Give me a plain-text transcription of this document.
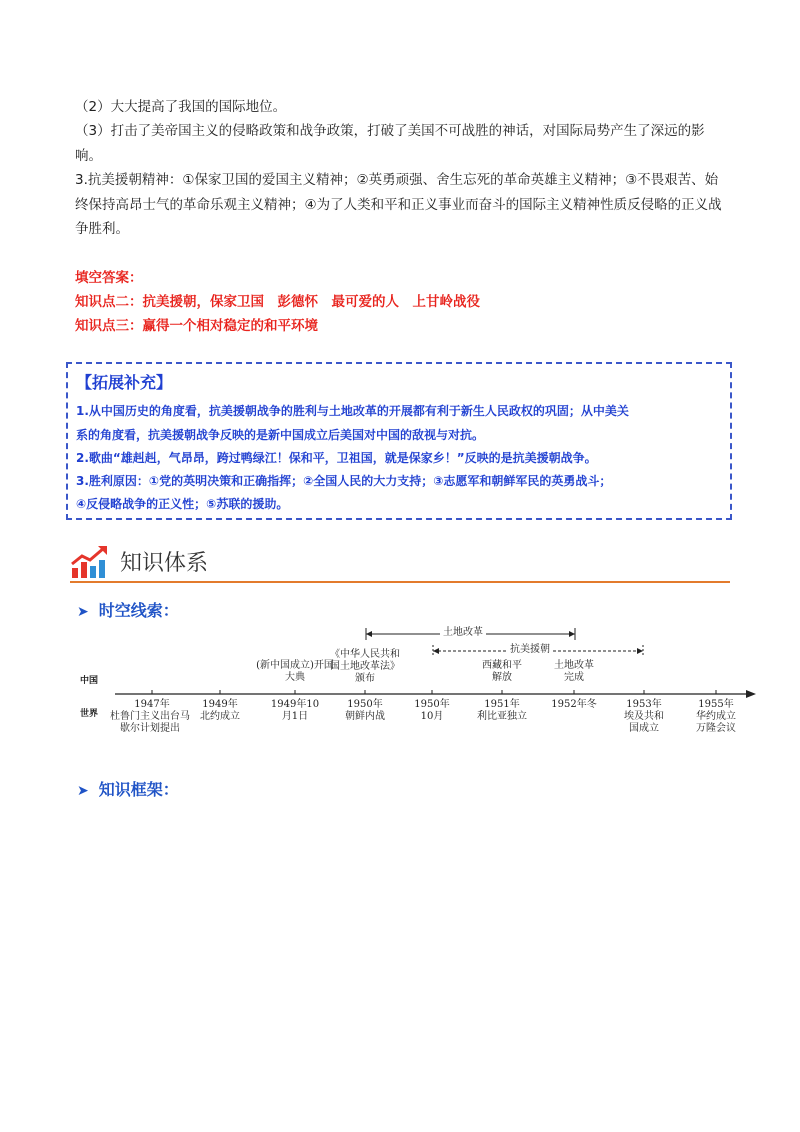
（2）大大提高了我国的国际地位。

（3）打击了美帝国主义的侵略政策和战争政策，打破了美国不可战胜的神话，对国际局势产生了深远的影响。

3.抗美援朝精神：①保家卫国的爱国主义精神；②英勇顽强、舍生忘死的革命英雄主义精神；③不畏艰苦、始终保持高昂士气的革命乐观主义精神；④为了人类和平和正义事业而奋斗的国际主义精神性质反侵略的正义战争胜利。

填空答案：
知识点二：抗美援朝，保家卫国　彭德怀　最可爱的人　上甘岭战役
知识点三：赢得一个相对稳定的和平环境
【拓展补充】
1.从中国历史的角度看，抗美援朝战争的胜利与土地改革的开展都有利于新生人民政权的巩固；从中美关
系的角度看，抗美援朝战争反映的是新中国成立后美国对中国的敌视与对抗。
2.歌曲“雄赳赳，气昂昂，跨过鸭绿江！保和平，卫祖国，就是保家乡！”反映的是抗美援朝战争。
3.胜利原因：①党的英明决策和正确指挥；②全国人民的大力支持；③志愿军和朝鲜军民的英勇战斗；
④反侵略战争的正义性；⑤苏联的援助。
知识体系
➤ 时空线索：
➤ 知识框架：
土地改革
抗美援朝
中国
世界
(新中国成立)开国大典
《中华人民共和国土地改革法》颁布
西藏和平解放
土地改革完成
1947年
杜鲁门主义出台马歇尔计划提出
1949年
北约成立
1949年10月1日
1950年
朝鲜内战
1950年10月
1951年
利比亚独立
1952年冬	1953年
埃及共和国成立
1955年
华约成立万隆会议
